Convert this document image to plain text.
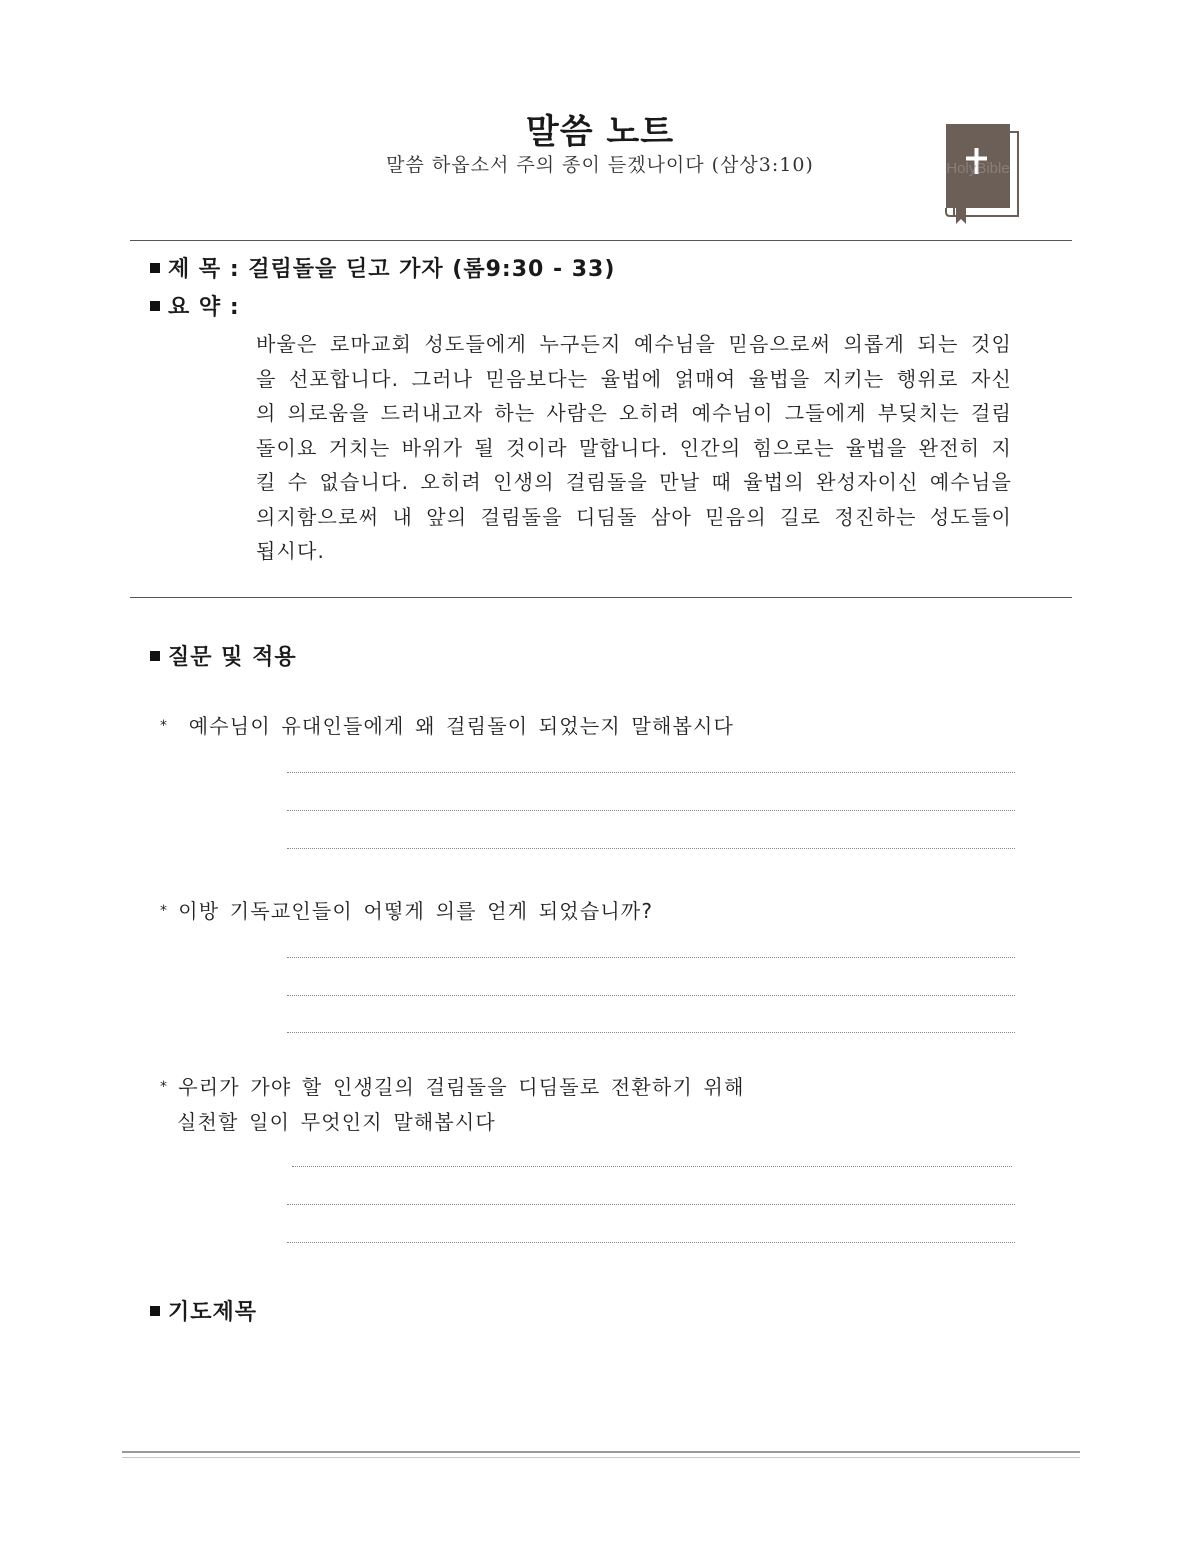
말씀 노트
말씀 하옵소서 주의 종이 듣겠나이다 (삼상3:10)	HolyBible
제 목 : 걸림돌을 딛고 가자 (롬9:30 - 33)
요 약 :
바울은 로마교회 성도들에게 누구든지 예수님을 믿음으로써 의롭게 되는 것임을 선포합니다. 그러나 믿음보다는 율법에 얽매여 율법을 지키는 행위로 자신의 의로움을 드러내고자 하는 사람은 오히려 예수님이 그들에게 부딪치는 걸림돌이요 거치는 바위가 될 것이라 말합니다. 인간의 힘으로는 율법을 완전히 지킬 수 없습니다. 오히려 인생의 걸림돌을 만날 때 율법의 완성자이신 예수님을 의지함으로써 내 앞의 걸림돌을 디딤돌 삼아 믿음의 길로 정진하는 성도들이 됩시다.
질문 및 적용
* 예수님이 유대인들에게 왜 걸림돌이 되었는지 말해봅시다
* 이방 기독교인들이 어떻게 의를 얻게 되었습니까?
* 우리가 가야 할 인생길의 걸림돌을 디딤돌로 전환하기 위해
실천할 일이 무엇인지 말해봅시다
기도제목
